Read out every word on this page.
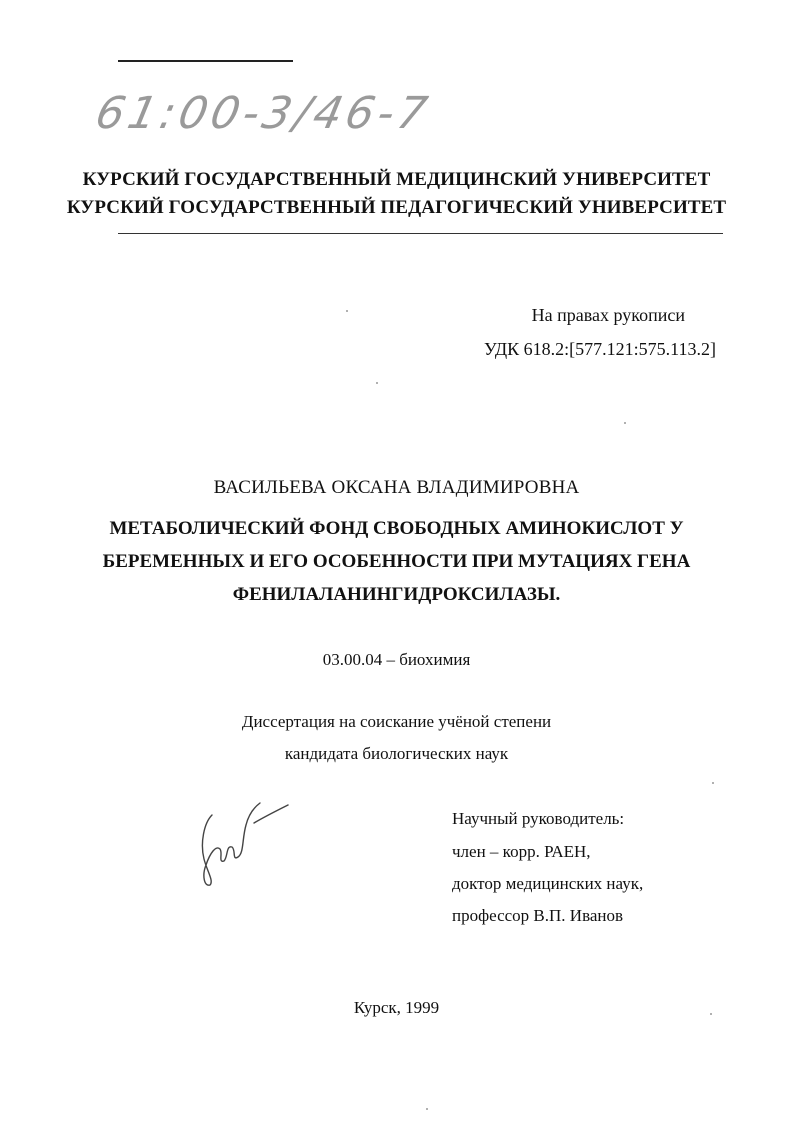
61:00-3/46-7
КУРСКИЙ ГОСУДАРСТВЕННЫЙ МЕДИЦИНСКИЙ УНИВЕРСИТЕТ
КУРСКИЙ ГОСУДАРСТВЕННЫЙ ПЕДАГОГИЧЕСКИЙ УНИВЕРСИТЕТ
На правах рукописи
УДК 618.2:[577.121:575.113.2]
ВАСИЛЬЕВА ОКСАНА ВЛАДИМИРОВНА
МЕТАБОЛИЧЕСКИЙ ФОНД СВОБОДНЫХ АМИНОКИСЛОТ У
БЕРЕМЕННЫХ И ЕГО ОСОБЕННОСТИ ПРИ МУТАЦИЯХ ГЕНА
ФЕНИЛАЛАНИНГИДРОКСИЛАЗЫ.
03.00.04 – биохимия
Диссертация на соискание учёной степени
кандидата биологических наук
Научный руководитель:
член – корр. РАЕН,
доктор медицинских наук,
профессор В.П. Иванов
Курск, 1999
